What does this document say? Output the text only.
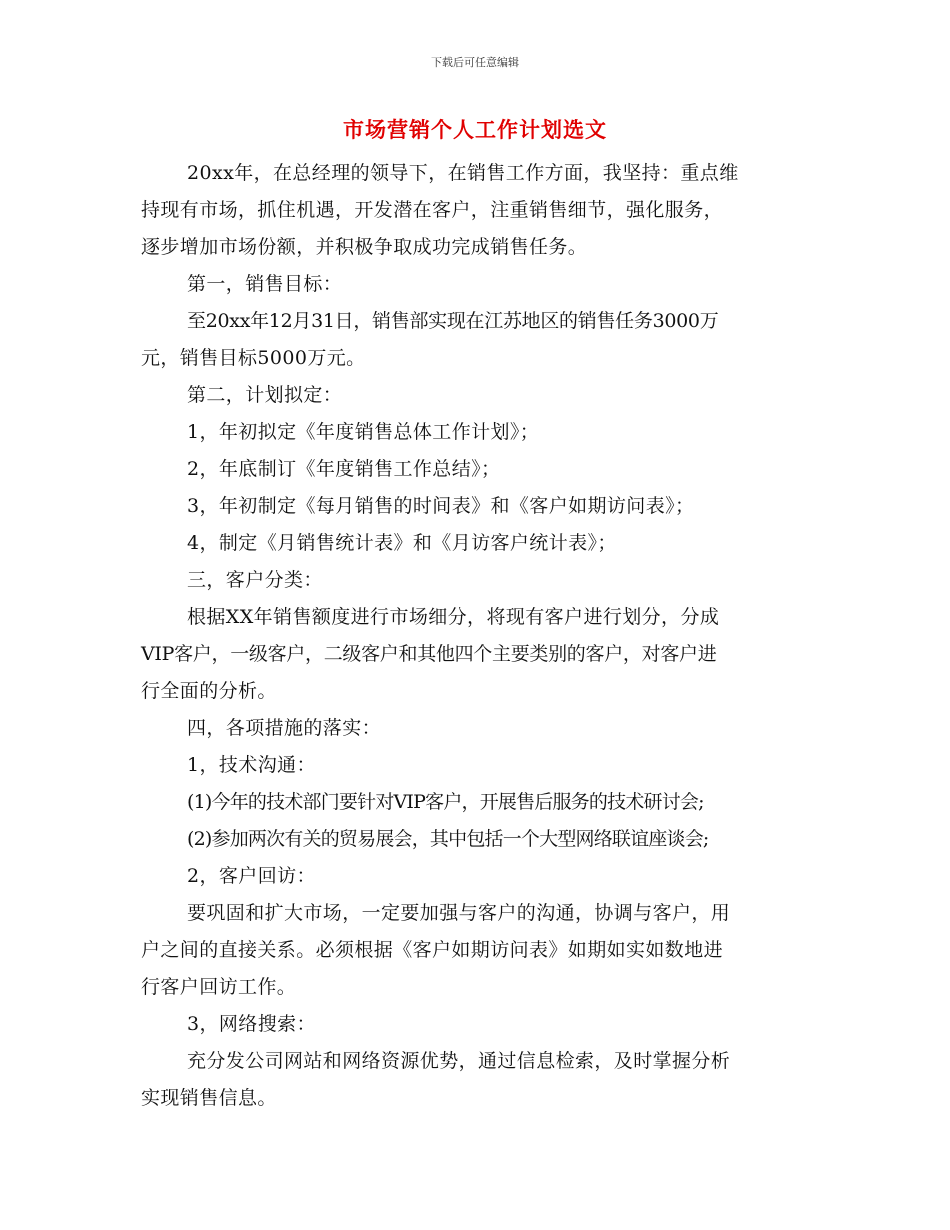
下载后可任意编辑
市场营销个人工作计划选文
20xx年，在总经理的领导下，在销售工作方面，我坚持：重点维
持现有市场，抓住机遇，开发潜在客户，注重销售细节，强化服务，
逐步增加市场份额，并积极争取成功完成销售任务。
第一，销售目标：
至20xx年12月31日，销售部实现在江苏地区的销售任务3000万
元，销售目标5000万元。
第二，计划拟定：
1，年初拟定《年度销售总体工作计划》；
2，年底制订《年度销售工作总结》；
3，年初制定《每月销售的时间表》和《客户如期访问表》；
4，制定《月销售统计表》和《月访客户统计表》；
三，客户分类：
根据XX年销售额度进行市场细分，将现有客户进行划分，分成
VIP客户，一级客户，二级客户和其他四个主要类别的客户，对客户进
行全面的分析。
四，各项措施的落实：
1，技术沟通：
(1)今年的技术部门要针对VIP客户，开展售后服务的技术研讨会;
(2)参加两次有关的贸易展会，其中包括一个大型网络联谊座谈会;
2，客户回访：
要巩固和扩大市场，一定要加强与客户的沟通，协调与客户，用
户之间的直接关系。必须根据《客户如期访问表》如期如实如数地进
行客户回访工作。
3，网络搜索：
充分发公司网站和网络资源优势，通过信息检索，及时掌握分析
实现销售信息。
